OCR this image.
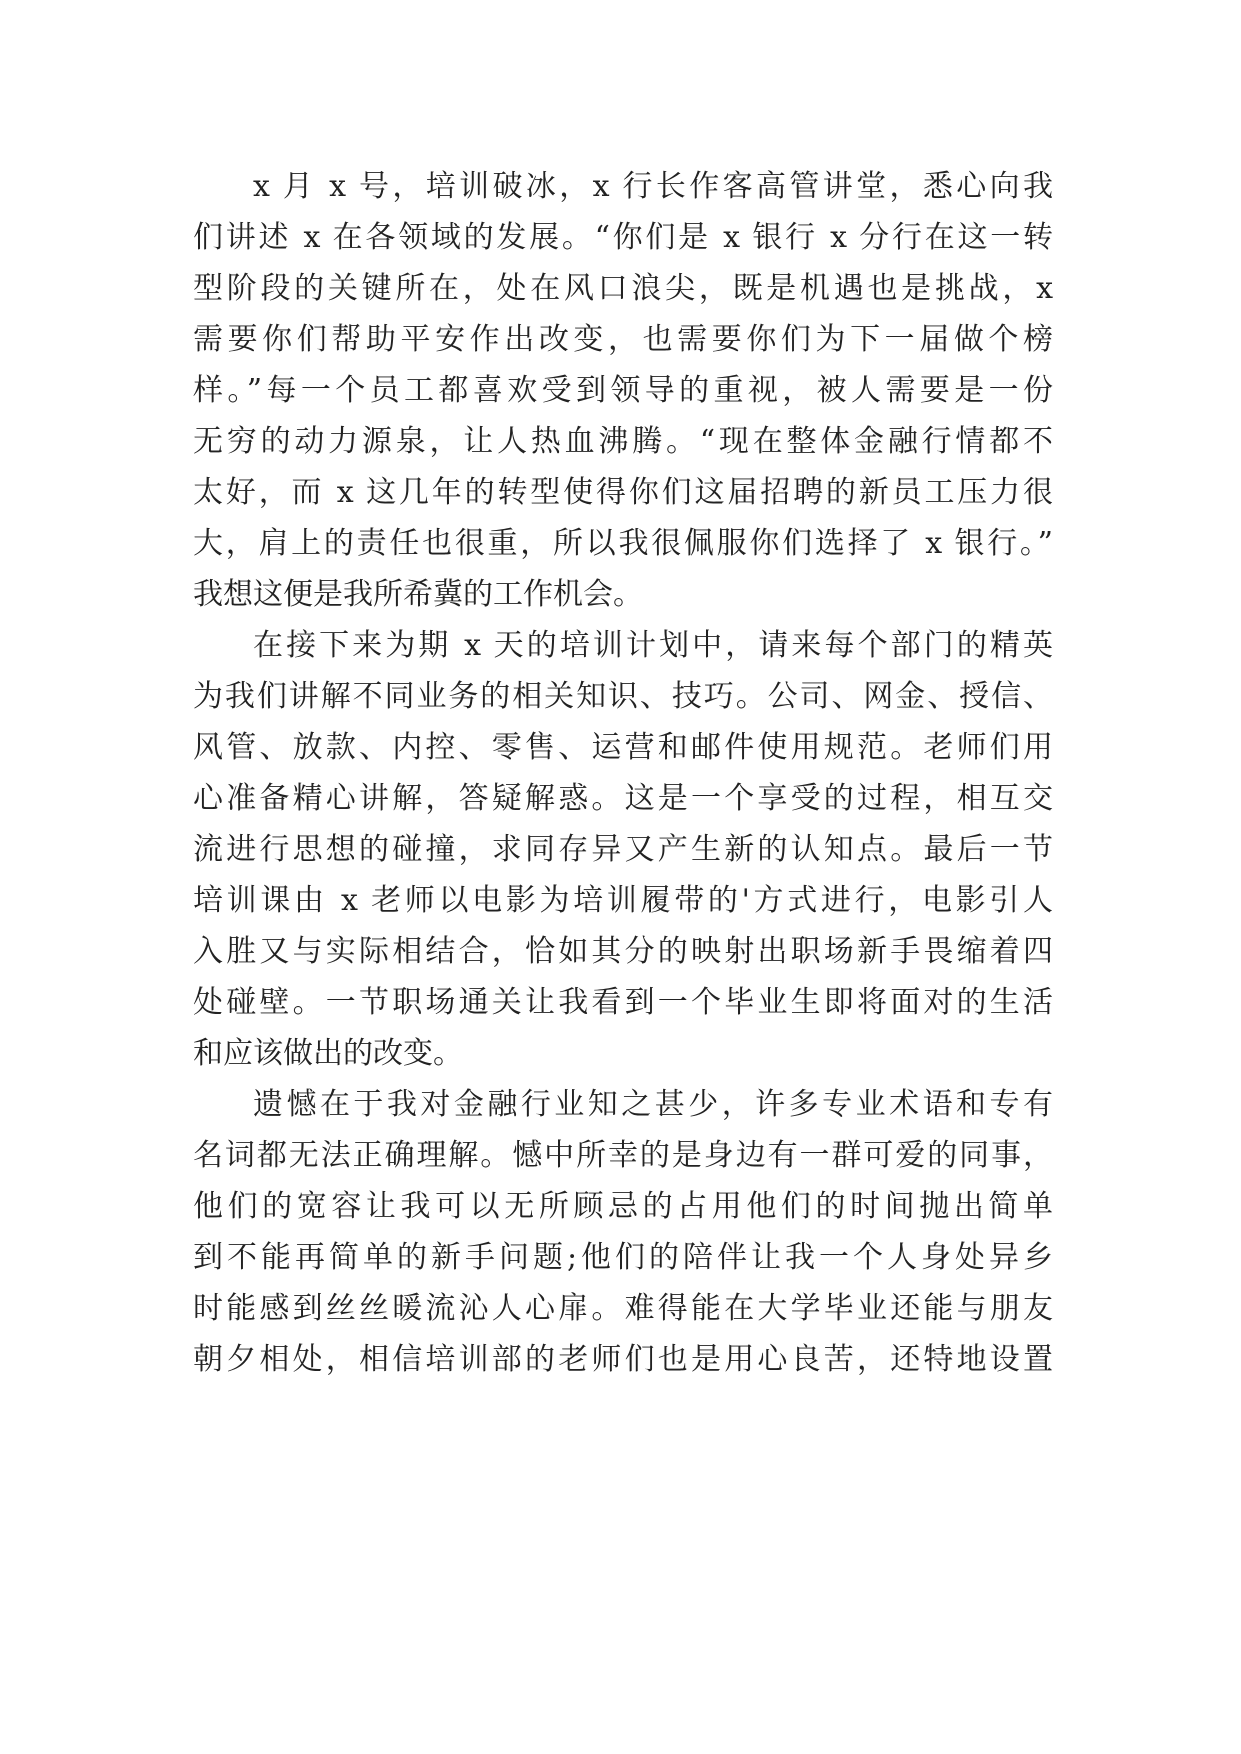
x 月 x 号，培训破冰，x 行长作客高管讲堂，悉心向我
们讲述 x 在各领域的发展。“你们是 x 银行 x 分行在这一转
型阶段的关键所在，处在风口浪尖，既是机遇也是挑战，x
需要你们帮助平安作出改变，也需要你们为下一届做个榜
样。”每一个员工都喜欢受到领导的重视，被人需要是一份
无穷的动力源泉，让人热血沸腾。“现在整体金融行情都不
太好，而 x 这几年的转型使得你们这届招聘的新员工压力很
大，肩上的责任也很重，所以我很佩服你们选择了 x 银行。”
我想这便是我所希冀的工作机会。
在接下来为期 x 天的培训计划中，请来每个部门的精英
为我们讲解不同业务的相关知识、技巧。公司、网金、授信、
风管、放款、内控、零售、运营和邮件使用规范。老师们用
心准备精心讲解，答疑解惑。这是一个享受的过程，相互交
流进行思想的碰撞，求同存异又产生新的认知点。最后一节
培训课由 x 老师以电影为培训履带的'方式进行，电影引人
入胜又与实际相结合，恰如其分的映射出职场新手畏缩着四
处碰壁。一节职场通关让我看到一个毕业生即将面对的生活
和应该做出的改变。
遗憾在于我对金融行业知之甚少，许多专业术语和专有
名词都无法正确理解。憾中所幸的是身边有一群可爱的同事，
他们的宽容让我可以无所顾忌的占用他们的时间抛出简单
到不能再简单的新手问题;他们的陪伴让我一个人身处异乡
时能感到丝丝暖流沁人心扉。难得能在大学毕业还能与朋友
朝夕相处，相信培训部的老师们也是用心良苦，还特地设置
